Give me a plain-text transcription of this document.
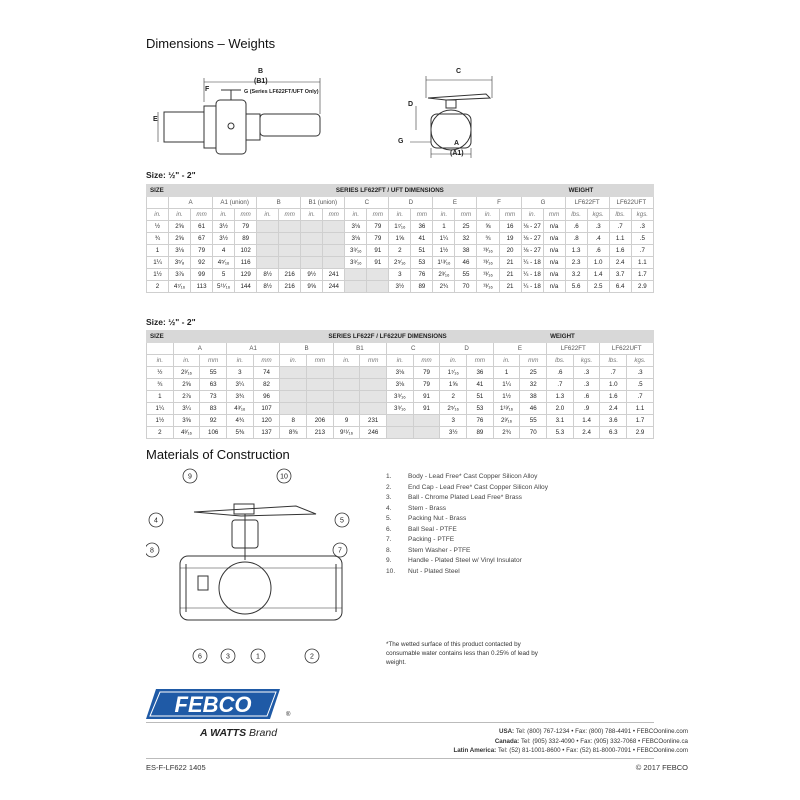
Dimensions – Weights
B
(B1)
F	G (Series LF622FT/UFT Only)
E
C
D
G	A
(A1)
Size: ½" - 2"
SIZE			SERIES LF622FT / UFT DIMENSIONS																WEIGHT			
	A		A1 (union)		B		B1 (union)		C		D		E		F		G		LF622FT		LF622UFT	
in.	in.	mm	in.	mm	in.	mm	in.	mm	in.	mm	in.	mm	in.	mm	in.	mm	in.	mm	lbs.	kgs.	lbs.	kgs.
½	2⅝	61	3½	79					3⅛	79	1⁷⁄₁₆	36	1	25	⅝	16	⅛ - 27	n/a	.6	.3	.7	.3
¾	2⅝	67	3½	89					3⅛	79	1⅝	41	1¼	32	¾	19	⅛ - 27	n/a	.8	.4	1.1	.5
1	3⅛	79	4	102					3⁹⁄₁₆	91	2	51	1½	38	¹³⁄₁₆	20	⅛ - 27	n/a	1.3	.6	1.6	.7
1¼	3⁵⁄₈	92	4⁵⁄₁₆	116					3⁹⁄₁₆	91	2⁵⁄₁₆	53	1¹³⁄₁₆	46	¹³⁄₁₆	21	¼ - 18	n/a	2.3	1.0	2.4	1.1
1½	3⅞	99	5	129	8½	216	9½	241			3	76	2³⁄₁₆	55	¹³⁄₁₆	21	¼ - 18	n/a	3.2	1.4	3.7	1.7
2	4⁷⁄₁₆	113	5¹¹⁄₁₆	144	8½	216	9⅝	244			3½	89	2¾	70	¹³⁄₁₆	21	¼ - 18	n/a	5.6	2.5	6.4	2.9
Size: ½" - 2"
SIZE			SERIES LF622F / LF622UF DIMENSIONS												WEIGHT			
	A		A1		B		B1		C		D		E		LF622FT		LF622UFT	
in.	in.	mm	in.	mm	in.	mm	in.	mm	in.	mm	in.	mm	in.	mm	lbs.	kgs.	lbs.	kgs.
½	2³⁄₁₆	55	3	74					3⅛	79	1⁷⁄₁₆	36	1	25	.6	.3	.7	.3
¾	2⅝	63	3¼	82					3⅛	79	1⅝	41	1¼	32	.7	.3	1.0	.5
1	2⅞	73	3¾	96					3⁹⁄₁₆	91	2	51	1½	38	1.3	.6	1.6	.7
1¼	3¼	83	4³⁄₁₆	107					3⁹⁄₁₆	91	2⁵⁄₁₆	53	1¹³⁄₁₆	46	2.0	.9	2.4	1.1
1½	3⅝	92	4¾	120	8	206	9	231			3	76	2³⁄₁₆	55	3.1	1.4	3.6	1.7
2	4³⁄₁₆	106	5⅜	137	8⅜	213	9¹¹⁄₁₆	246			3½	89	2¾	70	5.3	2.4	6.3	2.9
Materials of Construction
9	10
4	5
8	7
6	3	1	2
1.	Body - Lead Free* Cast Copper Silicon Alloy
2.	End Cap - Lead Free* Cast Copper Silicon Alloy
3.	Ball - Chrome Plated Lead Free* Brass
4.	Stem - Brass
5.	Packing Nut - Brass
6.	Ball Seal - PTFE
7.	Packing - PTFE
8.	Stem Washer - PTFE
9.	Handle - Plated Steel w/ Vinyl Insulator
10. Nut - Plated Steel
*The wetted surface of this product contacted by consumable water contains less than 0.25% of lead by weight.
FEBCO	®
A WATTS Brand	USA: Tel: (800) 767-1234 • Fax: (800) 788-4491 • FEBCOonline.com
Canada: Tel: (905) 332-4090 • Fax: (905) 332-7068 • FEBCOonline.ca
Latin America: Tel: (52) 81-1001-8600 • Fax: (52) 81-8000-7091 • FEBCOonline.com
ES-F-LF622 1405	© 2017 FEBCO
